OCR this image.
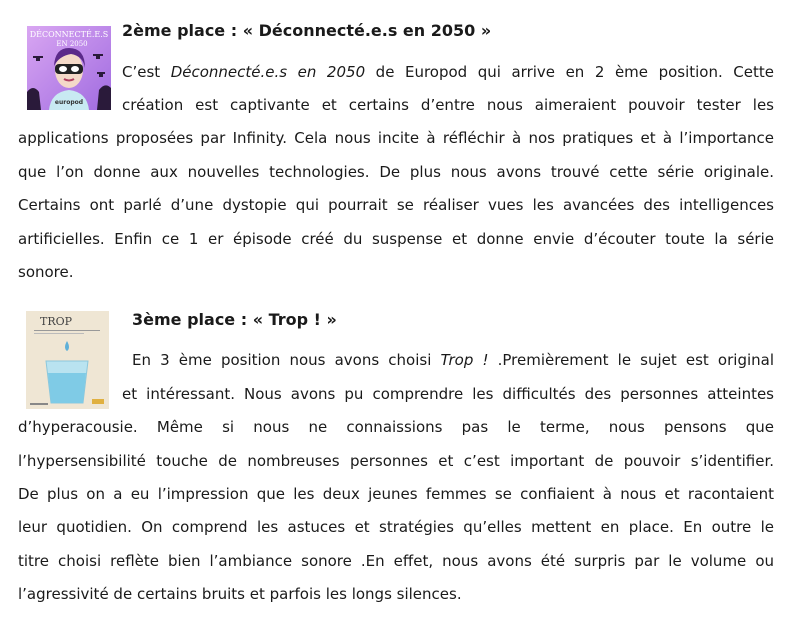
DÉCONNECTÉ.E.S
EN 2050
europod
2ème place : « Déconnecté.e.s en 2050 »
C’est Déconnecté.e.s en 2050 de Europod qui arrive en 2 ème position. Cette
création est captivante et certains d’entre nous aimeraient pouvoir tester les
applications proposées par Infinity. Cela nous incite à réfléchir à nos pratiques et à l’importance
que l’on donne aux nouvelles technologies. De plus nous avons trouvé cette série originale.
Certains ont parlé d’une dystopie qui pourrait se réaliser vues les avancées des intelligences
artificielles. Enfin ce 1 er épisode créé du suspense et donne envie d’écouter toute la série
sonore.
TROP	3ème place : « Trop ! »
En 3 ème position nous avons choisi Trop ! .Premièrement le sujet est original
et intéressant. Nous avons pu comprendre les difficultés des personnes atteintes
d’hyperacousie. Même si nous ne connaissions pas le terme, nous pensons que
l’hypersensibilité touche de nombreuses personnes et c’est important de pouvoir s’identifier.
De plus on a eu l’impression que les deux jeunes femmes se confiaient à nous et racontaient
leur quotidien. On comprend les astuces et stratégies qu’elles mettent en place. En outre le
titre choisi reflète bien l’ambiance sonore .En effet, nous avons été surpris par le volume ou
l’agressivité de certains bruits et parfois les longs silences.
